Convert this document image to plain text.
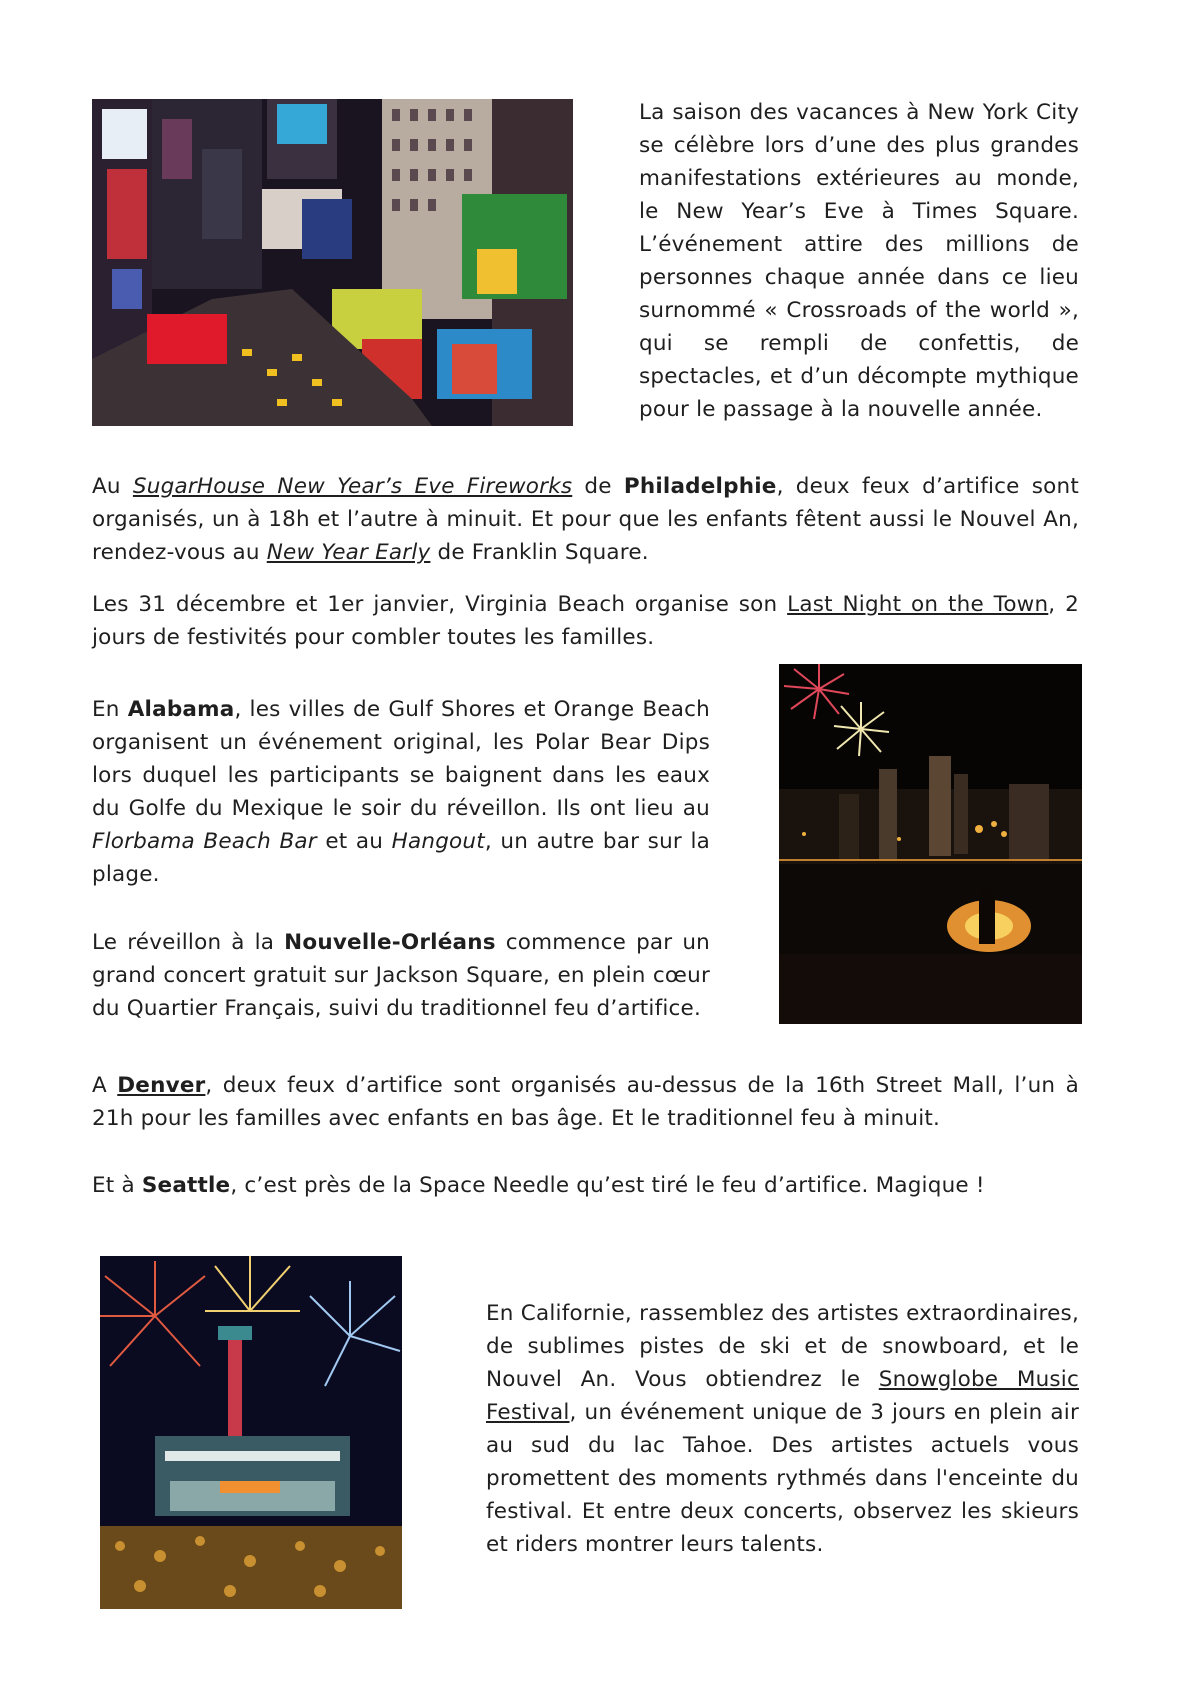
La saison des vacances à New York City se célèbre lors d’une des plus grandes manifestations extérieures au monde, le New Year’s Eve à Times Square. L’événement attire des millions de personnes chaque année dans ce lieu surnommé « Crossroads of the world », qui se rempli de confettis, de spectacles, et d’un décompte mythique pour le passage à la nouvelle année.

Au SugarHouse New Year’s Eve Fireworks de Philadelphie, deux feux d’artifice sont organisés, un à 18h et l’autre à minuit. Et pour que les enfants fêtent aussi le Nouvel An, rendez-vous au New Year Early de Franklin Square.

Les 31 décembre et 1er janvier, Virginia Beach organise son Last Night on the Town, 2 jours de festivités pour combler toutes les familles.

En Alabama, les villes de Gulf Shores et Orange Beach organisent un événement original, les Polar Bear Dips lors duquel les participants se baignent dans les eaux du Golfe du Mexique le soir du réveillon. Ils ont lieu au Florbama Beach Bar et au Hangout, un autre bar sur la plage.

Le réveillon à la Nouvelle-Orléans commence par un grand concert gratuit sur Jackson Square, en plein cœur du Quartier Français, suivi du traditionnel feu d’artifice.

A Denver, deux feux d’artifice sont organisés au-dessus de la 16th Street Mall, l’un à 21h pour les familles avec enfants en bas âge. Et le traditionnel feu à minuit.

Et à Seattle, c’est près de la Space Needle qu’est tiré le feu d’artifice. Magique !

En Californie, rassemblez des artistes extraordinaires, de sublimes pistes de ski et de snowboard, et le Nouvel An. Vous obtiendrez le Snowglobe Music Festival, un événement unique de 3 jours en plein air au sud du lac Tahoe. Des artistes actuels vous promettent des moments rythmés dans l'enceinte du festival. Et entre deux concerts, observez les skieurs et riders montrer leurs talents.
